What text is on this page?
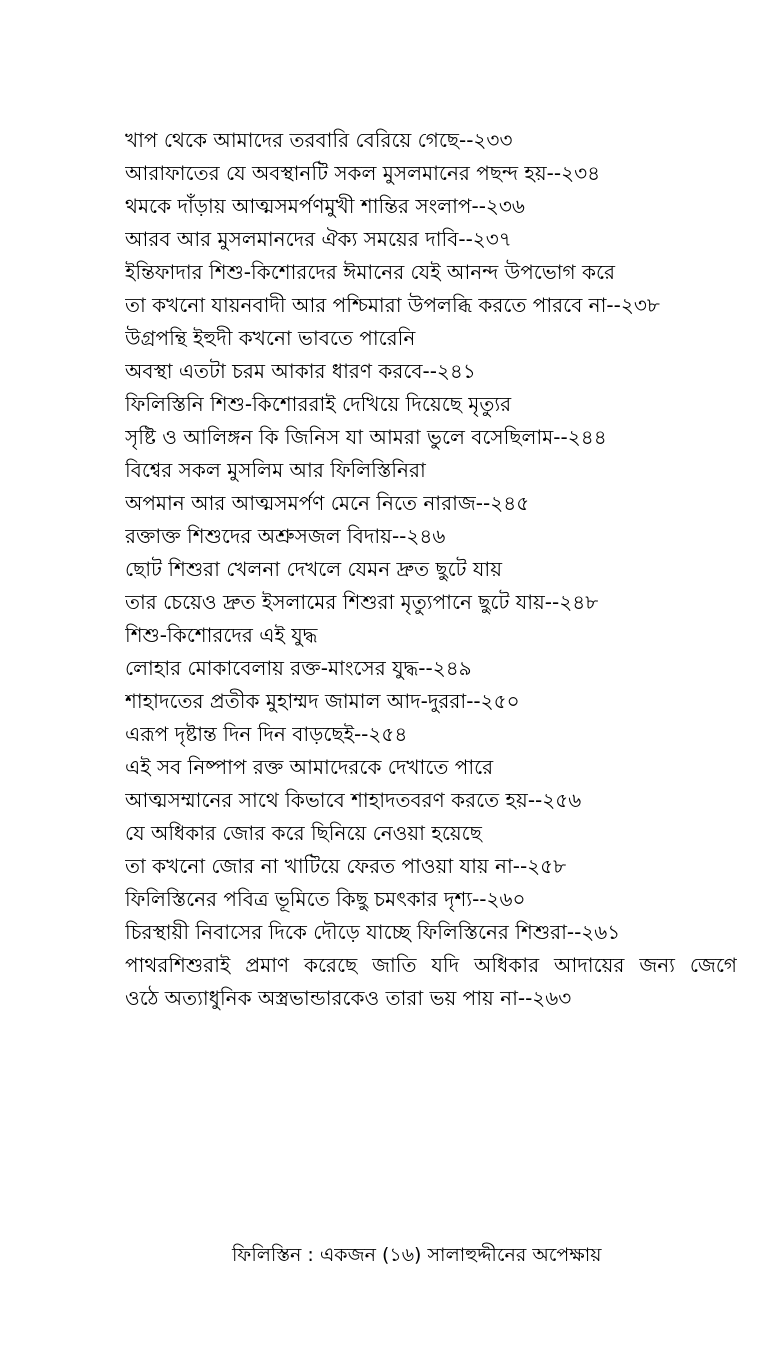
খাপ থেকে আমাদের তরবারি বেরিয়ে গেছে--২৩৩
আরাফাতের যে অবস্থানটি সকল মুসলমানের পছন্দ হয়--২৩৪
থমকে দাঁড়ায় আত্মসমর্পণমুখী শান্তির সংলাপ--২৩৬
আরব আর মুসলমানদের ঐক্য সময়ের দাবি--২৩৭
ইন্তিফাদার শিশু-কিশোরদের ঈমানের যেই আনন্দ উপভোগ করে
তা কখনো যায়নবাদী আর পশ্চিমারা উপলব্ধি করতে পারবে না--২৩৮
উগ্রপন্থি ইহুদী কখনো ভাবতে পারেনি
অবস্থা এতটা চরম আকার ধারণ করবে--২৪১
ফিলিস্তিনি শিশু-কিশোররাই দেখিয়ে দিয়েছে মৃত্যুর
সৃষ্টি ও আলিঙ্গন কি জিনিস যা আমরা ভুলে বসেছিলাম--২৪৪
বিশ্বের সকল মুসলিম আর ফিলিস্তিনিরা
অপমান আর আত্মসমর্পণ মেনে নিতে নারাজ--২৪৫
রক্তাক্ত শিশুদের অশ্রুসজল বিদায়--২৪৬
ছোট শিশুরা খেলনা দেখলে যেমন দ্রুত ছুটে যায়
তার চেয়েও দ্রুত ইসলামের শিশুরা মৃত্যুপানে ছুটে যায়--২৪৮
শিশু-কিশোরদের এই যুদ্ধ
লোহার মোকাবেলায় রক্ত-মাংসের যুদ্ধ--২৪৯
শাহাদতের প্রতীক মুহাম্মদ জামাল আদ-দুররা--২৫০
এরূপ দৃষ্টান্ত দিন দিন বাড়ছেই--২৫৪
এই সব নিষ্পাপ রক্ত আমাদেরকে দেখাতে পারে
আত্মসম্মানের সাথে কিভাবে শাহাদতবরণ করতে হয়--২৫৬
যে অধিকার জোর করে ছিনিয়ে নেওয়া হয়েছে
তা কখনো জোর না খাটিয়ে ফেরত পাওয়া যায় না--২৫৮
ফিলিস্তিনের পবিত্র ভূমিতে কিছু চমৎকার দৃশ্য--২৬০
চিরস্থায়ী নিবাসের দিকে দৌড়ে যাচ্ছে ফিলিস্তিনের শিশুরা--২৬১
পাথরশিশুরাই প্রমাণ করেছে জাতি যদি অধিকার আদায়ের জন্য জেগে
ওঠে অত্যাধুনিক অস্ত্রভান্ডারকেও তারা ভয় পায় না--২৬৩
ফিলিস্তিন : একজন (১৬) সালাহুদ্দীনের অপেক্ষায়
